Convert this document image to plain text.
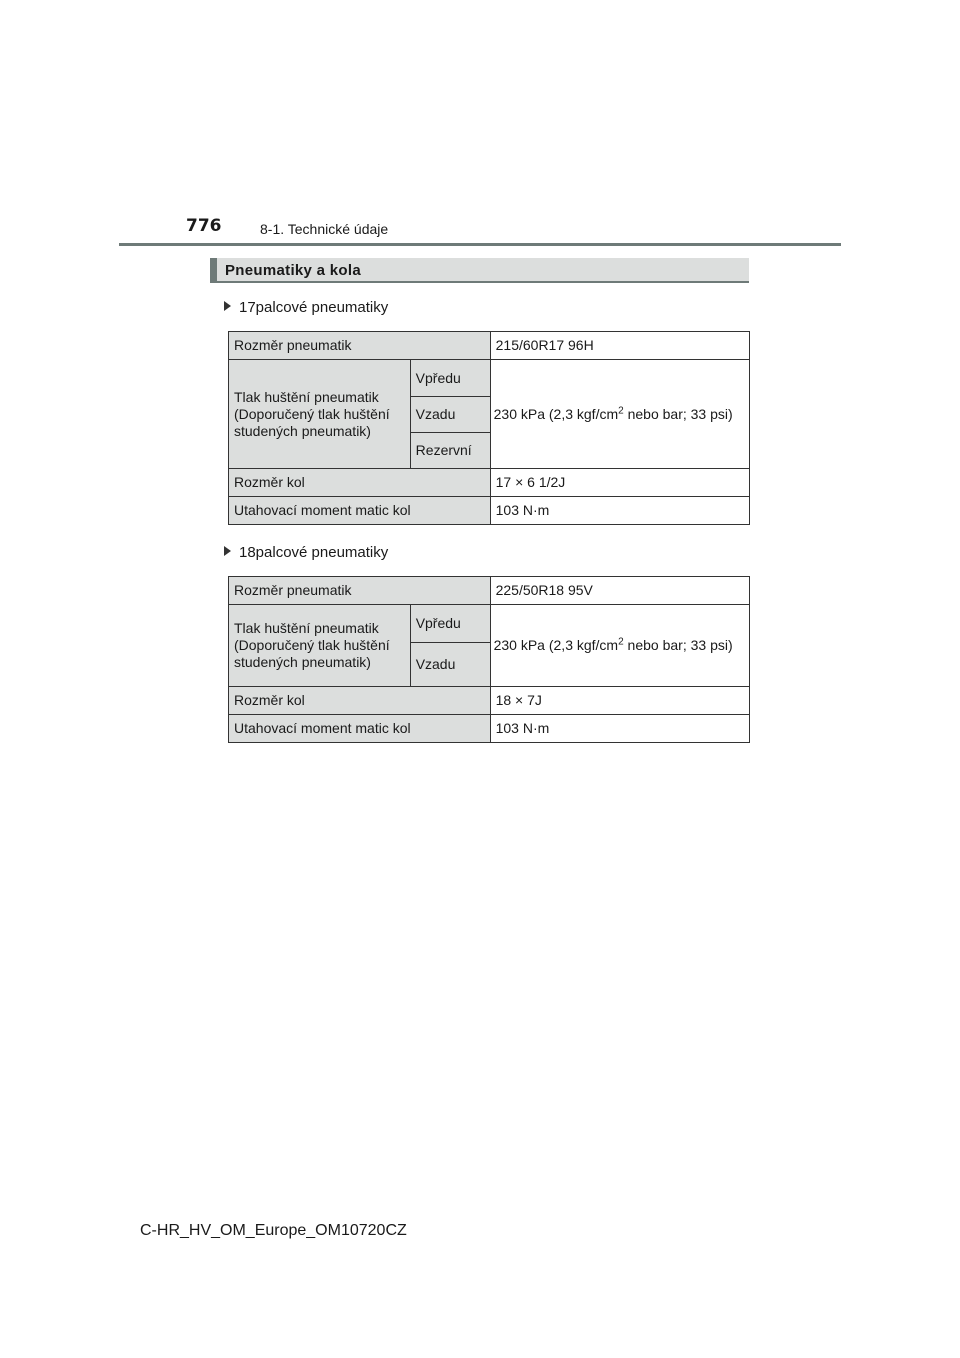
776	8-1. Technické údaje
Pneumatiky a kola
17palcové pneumatiky
Rozměr pneumatik		215/60R17 96H
Tlak huštění pneumatik (Doporučený tlak huštění studených pneumatik)	Vpředu	230 kPa (2,3 kgf/$cm^2$ nebo bar; 33 psi)
	Vzadu	
	Rezervní	
Rozměr kol		17 × 6 1/2J
Utahovací moment matic kol		103 N·m
18palcové pneumatiky
Rozměr pneumatik		225/50R18 95V
Tlak huštění pneumatik (Doporučený tlak huštění studených pneumatik)	Vpředu	230 kPa (2,3 kgf/$cm^2$ nebo bar; 33 psi)
	Vzadu	
Rozměr kol		18 × 7J
Utahovací moment matic kol		103 N·m
C-HR_HV_OM_Europe_OM10720CZ
